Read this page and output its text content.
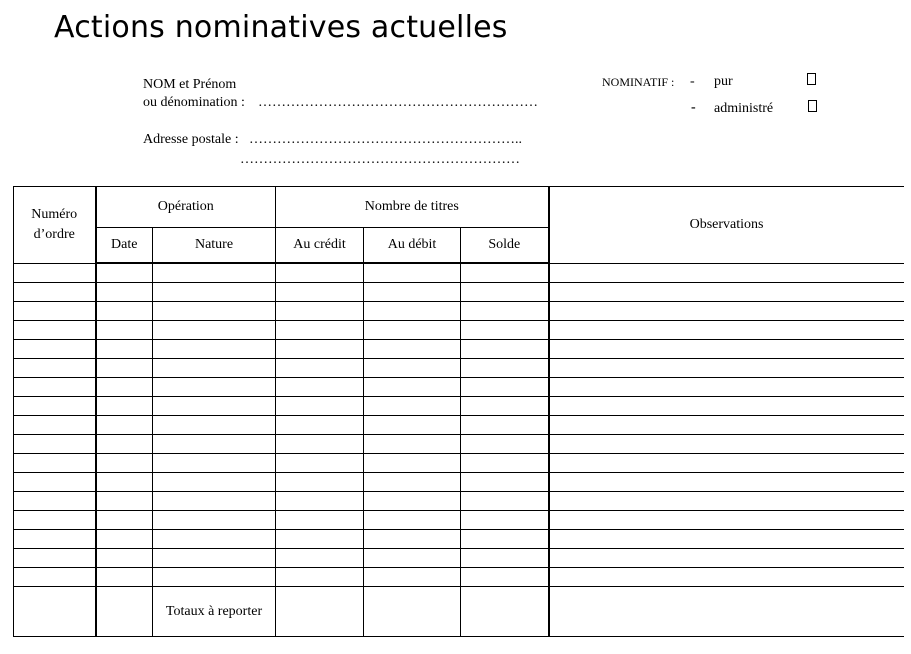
Actions nominatives actuelles
NOM et Prénom
ou dénomination : ……………………………………………………
Adresse postale : …………………………………………………..
……………………………………………………
NOMINATIF : - pur
- administré
Numéro d’ordre	Opération		Nombre de titres			Observations
	Date	Nature	Au crédit	Au débit	Solde	

		Totaux à reporter				
